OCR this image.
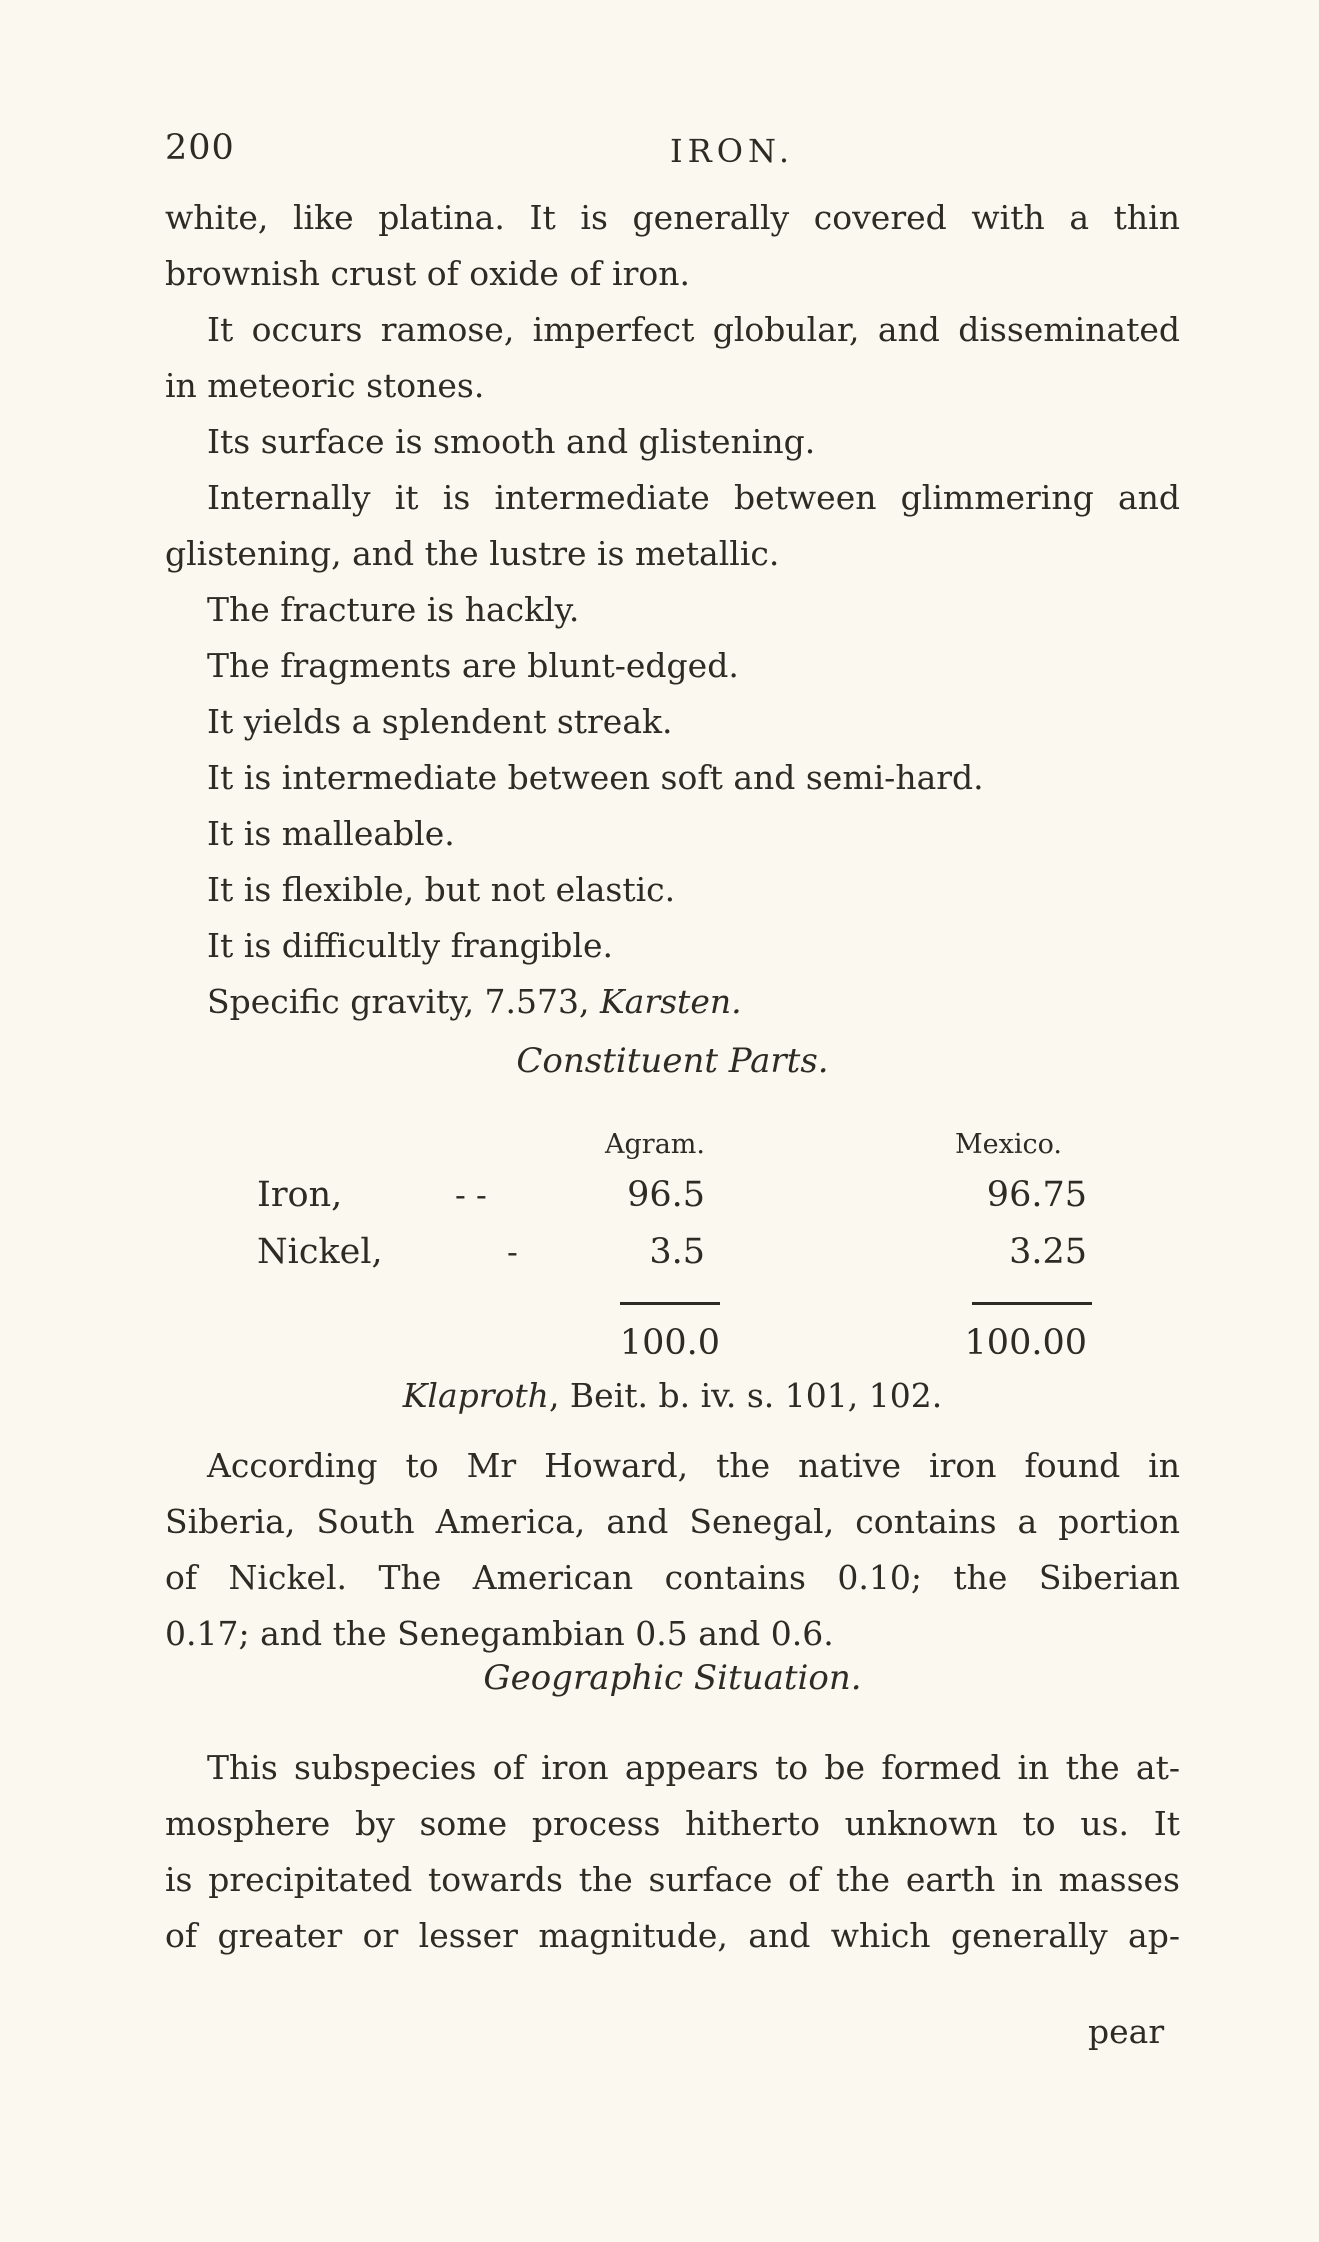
200	IRON.
white, like platina. It is generally covered with a thin
brownish crust of oxide of iron.
It occurs ramose, imperfect globular, and disseminated
in meteoric stones.
Its surface is smooth and glistening.
Internally it is intermediate between glimmering and
glistening, and the lustre is metallic.
The fracture is hackly.
The fragments are blunt-edged.
It yields a splendent streak.
It is intermediate between soft and semi-hard.
It is malleable.
It is flexible, but not elastic.
It is difficultly frangible.
Specific gravity, 7.573, Karsten.
Constituent Parts.
Agram.	Mexico.
Iron,	- -	96.5	96.75
Nickel,	-	3.5	3.25
100.0	100.00
Klaproth, Beit. b. iv. s. 101, 102.
According to Mr Howard, the native iron found in
Siberia, South America, and Senegal, contains a portion
of Nickel. The American contains 0.10; the Siberian
0.17; and the Senegambian 0.5 and 0.6.
Geographic Situation.
This subspecies of iron appears to be formed in the at-
mosphere by some process hitherto unknown to us. It
is precipitated towards the surface of the earth in masses
of greater or lesser magnitude, and which generally ap-
pear
